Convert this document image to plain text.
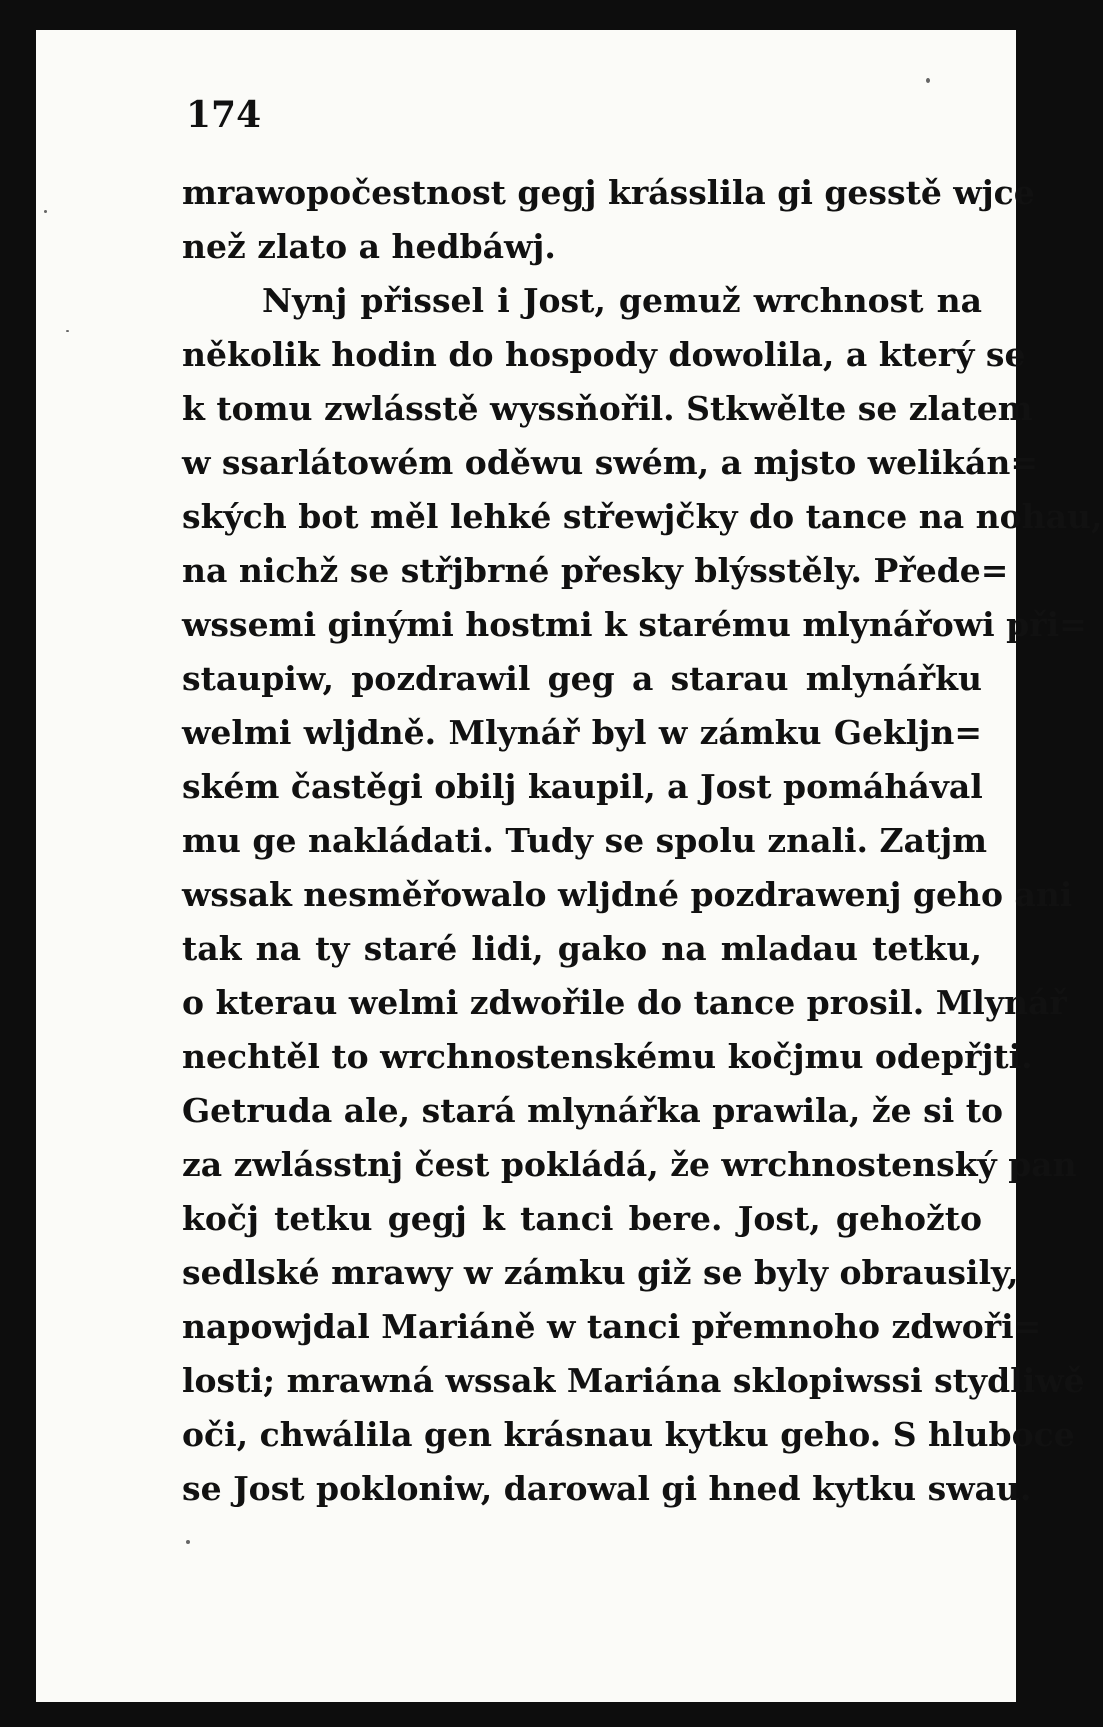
174
mrawopočestnost gegj krásslila gi gesstě wjce
než zlato a hedbáwj.
Nynj přissel i Jost, gemuž wrchnost na
několik hodin do hospody dowolila, a který se
k tomu zwlásstě wyssňořil. Stkwělte se zlatem
w ssarlátowém oděwu swém, a mjsto welikán=
ských bot měl lehké střewjčky do tance na nohau,
na nichž se střjbrné přesky blýsstěly. Přede=
wssemi ginými hostmi k starému mlynářowi při=
staupiw, pozdrawil geg a starau mlynářku
welmi wljdně. Mlynář byl w zámku Gekljn=
ském častěgi obilj kaupil, a Jost pomáhával
mu ge nakládati. Tudy se spolu znali. Zatjm
wssak nesměřowalo wljdné pozdrawenj geho ani
tak na ty staré lidi, gako na mladau tetku,
o kterau welmi zdwořile do tance prosil. Mlynář
nechtěl to wrchnostenskému kočjmu odepřjti.
Getruda ale, stará mlynářka prawila, že si to
za zwlásstnj čest pokládá, že wrchnostenský pan
kočj tetku gegj k tanci bere. Jost, gehožto
sedlské mrawy w zámku giž se byly obrausily,
napowjdal Mariáně w tanci přemnoho zdwoři=
losti; mrawná wssak Mariána sklopiwssi stydliwě
oči, chwálila gen krásnau kytku geho. S hluboce
se Jost pokloniw, darowal gi hned kytku swau.
